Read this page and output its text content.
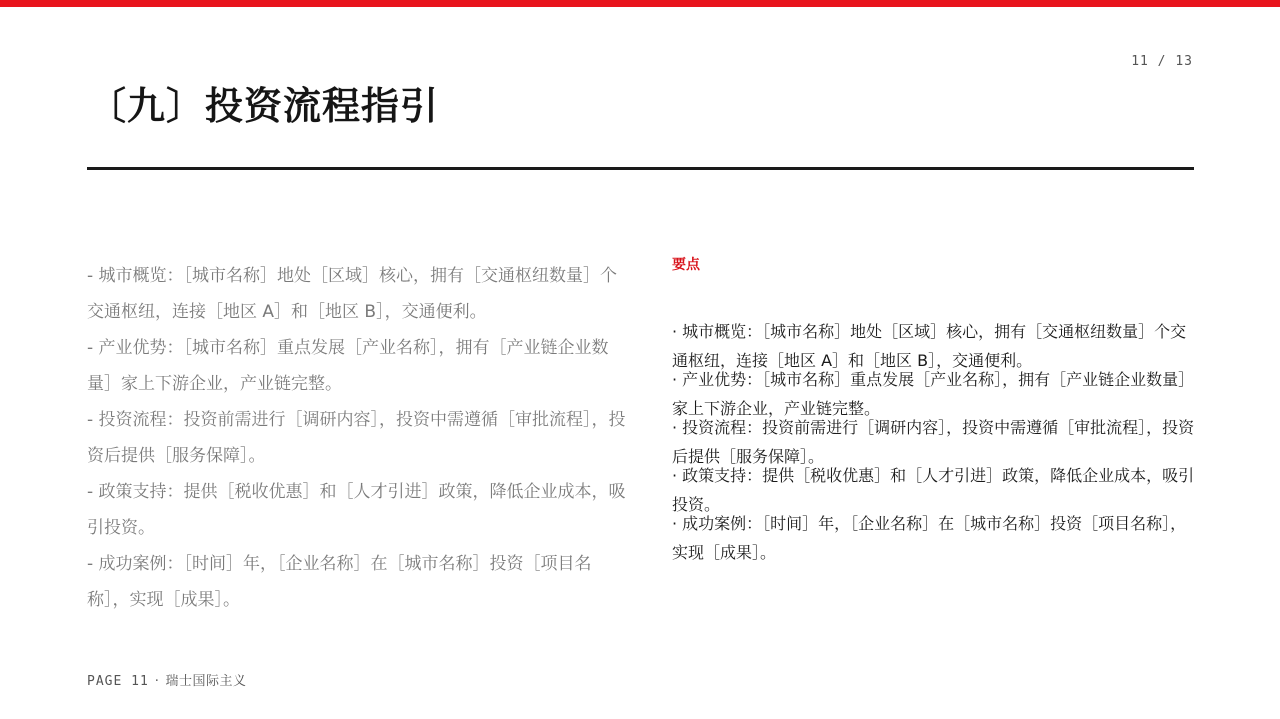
11 / 13
〔九〕投资流程指引

- 城市概览：［城市名称］地处［区域］核心，拥有［交通枢纽数量］个交通枢纽，连接［地区 A］和［地区 B］，交通便利。

- 产业优势：［城市名称］重点发展［产业名称］，拥有［产业链企业数量］家上下游企业，产业链完整。

- 投资流程：投资前需进行［调研内容］，投资中需遵循［审批流程］，投资后提供［服务保障］。

- 政策支持：提供［税收优惠］和［人才引进］政策，降低企业成本，吸引投资。

- 成功案例：［时间］年，［企业名称］在［城市名称］投资［项目名称］，实现［成果］。

要点

· 城市概览：［城市名称］地处［区域］核心，拥有［交通枢纽数量］个交通枢纽，连接［地区 A］和［地区 B］，交通便利。

· 产业优势：［城市名称］重点发展［产业名称］，拥有［产业链企业数量］家上下游企业，产业链完整。

· 投资流程：投资前需进行［调研内容］，投资中需遵循［审批流程］，投资后提供［服务保障］。

· 政策支持：提供［税收优惠］和［人才引进］政策，降低企业成本，吸引投资。

· 成功案例：［时间］年，［企业名称］在［城市名称］投资［项目名称］，实现［成果］。

PAGE 11 · 瑞士国际主义
